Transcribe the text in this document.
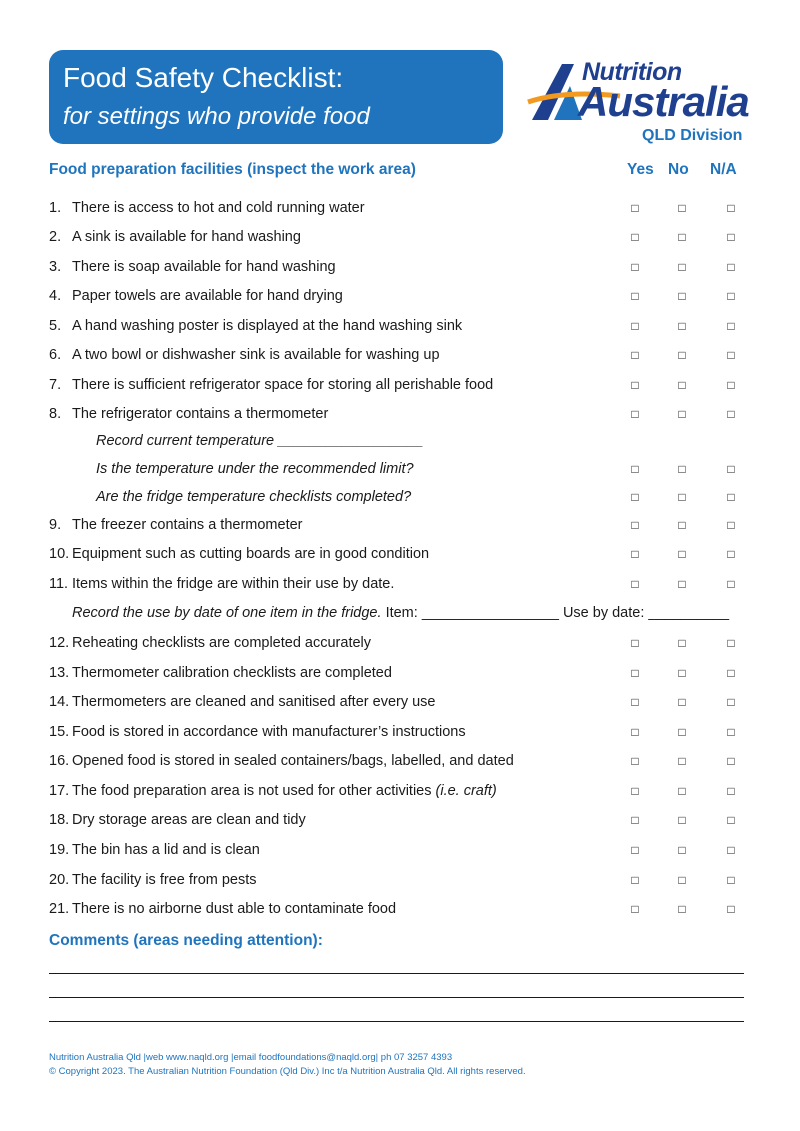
Food Safety Checklist:
for settings who provide food
Nutrition
Australia
QLD Division
Food preparation facilities (inspect the work area)	Yes No N/A
1. There is access to hot and cold running water	□	□	□
2. A sink is available for hand washing	□	□	□
3. There is soap available for hand washing	□	□	□
4. Paper towels are available for hand drying	□	□	□
5. A hand washing poster is displayed at the hand washing sink	□	□	□
6. A two bowl or dishwasher sink is available for washing up	□	□	□
7. There is sufficient refrigerator space for storing all perishable food	□	□	□
8. The refrigerator contains a thermometer	□	□	□
Record current temperature __________________
Is the temperature under the recommended limit?	□	□	□
Are the fridge temperature checklists completed?	□	□	□
9. The freezer contains a thermometer	□	□	□
10. Equipment such as cutting boards are in good condition	□	□	□
11. Items within the fridge are within their use by date.	□	□	□
12. Reheating checklists are completed accurately	□	□	□
13. Thermometer calibration checklists are completed	□	□	□
14. Thermometers are cleaned and sanitised after every use	□	□	□
15. Food is stored in accordance with manufacturer’s instructions	□	□	□
16. Opened food is stored in sealed containers/bags, labelled, and dated	□	□	□
17. The food preparation area is not used for other activities (i.e. craft)	□	□	□
18. Dry storage areas are clean and tidy	□	□	□
19. The bin has a lid and is clean	□	□	□
20. The facility is free from pests	□	□	□
21. There is no airborne dust able to contaminate food	□	□	□
Record the use by date of one item in the fridge. Item: _________________ Use by date: __________
Comments (areas needing attention):
Nutrition Australia Qld |web www.naqld.org |email foodfoundations@naqld.org| ph 07 3257 4393
© Copyright 2023. The Australian Nutrition Foundation (Qld Div.) Inc t/a Nutrition Australia Qld. All rights reserved.
